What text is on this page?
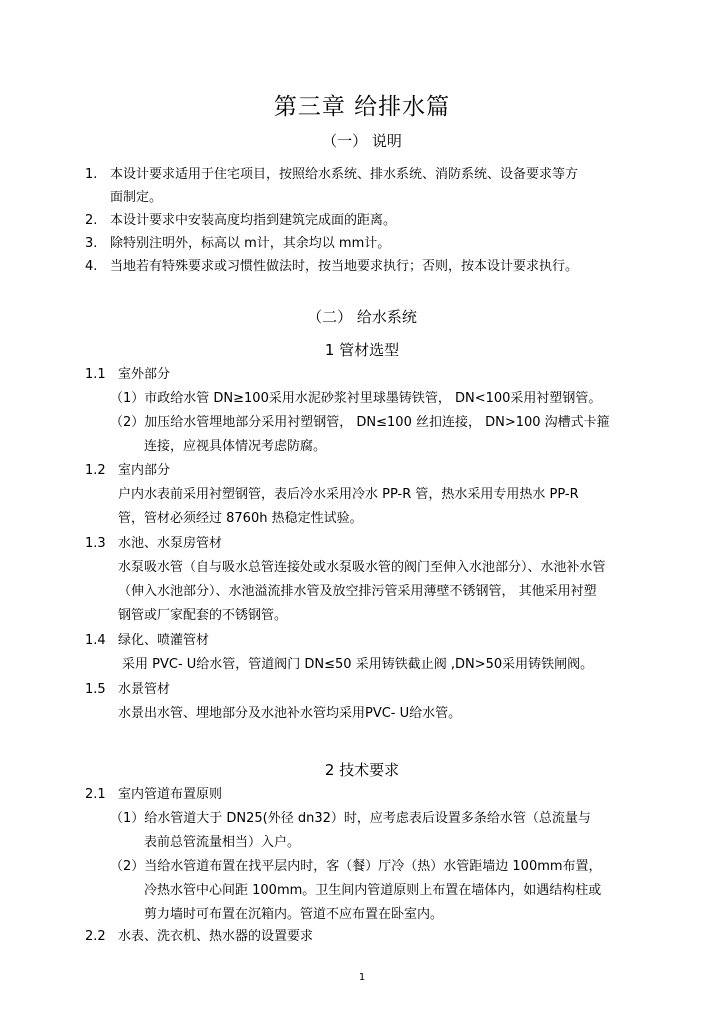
第三章 给排水篇
（一） 说明
1. 本设计要求适用于住宅项目，按照给水系统、排水系统、消防系统、设备要求等方
面制定。
2. 本设计要求中安装高度均指到建筑完成面的距离。
3. 除特别注明外，标高以 m计，其余均以 mm计。
4. 当地若有特殊要求或习惯性做法时，按当地要求执行；否则，按本设计要求执行。
（二） 给水系统
1 管材选型
1.1 室外部分
（1）市政给水管 DN≥100采用水泥砂浆衬里球墨铸铁管， DN<100采用衬塑钢管。
（2）加压给水管埋地部分采用衬塑钢管， DN≤100 丝扣连接， DN>100 沟槽式卡箍
连接，应视具体情况考虑防腐。
1.2 室内部分
户内水表前采用衬塑钢管，表后冷水采用冷水 PP-R 管，热水采用专用热水 PP-R
管，管材必须经过 8760h 热稳定性试验。
1.3 水池、水泵房管材
水泵吸水管（自与吸水总管连接处或水泵吸水管的阀门至伸入水池部分）、水池补水管
（伸入水池部分）、水池溢流排水管及放空排污管采用薄壁不锈钢管， 其他采用衬塑
钢管或厂家配套的不锈钢管。
1.4 绿化、喷灌管材
采用 PVC- U给水管，管道阀门 DN≤50 采用铸铁截止阀 ,DN>50采用铸铁闸阀。
1.5 水景管材
水景出水管、埋地部分及水池补水管均采用PVC- U给水管。
2 技术要求
2.1 室内管道布置原则
（1）给水管道大于 DN25(外径 dn32）时，应考虑表后设置多条给水管（总流量与
表前总管流量相当）入户。
（2）当给水管道布置在找平层内时，客（餐）厅冷（热）水管距墙边 100mm布置，
冷热水管中心间距 100mm。卫生间内管道原则上布置在墙体内，如遇结构柱或
剪力墙时可布置在沉箱内。管道不应布置在卧室内。
2.2 水表、洗衣机、热水器的设置要求
1
